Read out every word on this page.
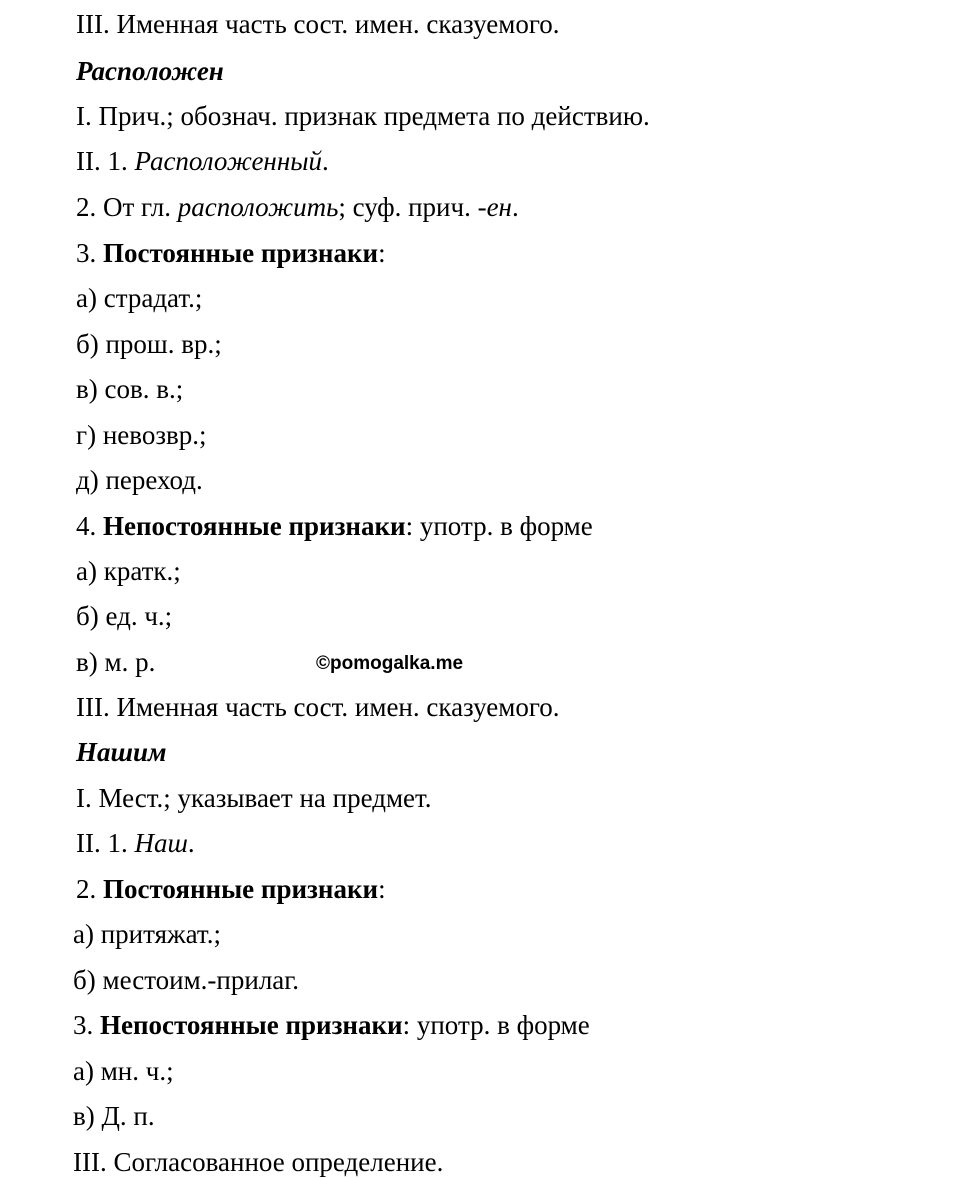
III. Именная часть сост. имен. сказуемого.
Расположен
I. Прич.; обознач. признак предмета по действию.
II. 1. Расположенный.
2. От гл. расположить; суф. прич. -ен.
3. Постоянные признаки:
а) страдат.;
б) прош. вр.;
в) сов. в.;
г) невозвр.;
д) переход.
4. Непостоянные признаки: употр. в форме
а) кратк.;
б) ед. ч.;
в) м. р.	©pomogalka.me
III. Именная часть сост. имен. сказуемого.
Нашим
I. Мест.; указывает на предмет.
II. 1. Наш.
2. Постоянные признаки:
а) притяжат.;
б) местоим.-прилаг.
3. Непостоянные признаки: употр. в форме
а) мн. ч.;
в) Д. п.
III. Согласованное определение.
